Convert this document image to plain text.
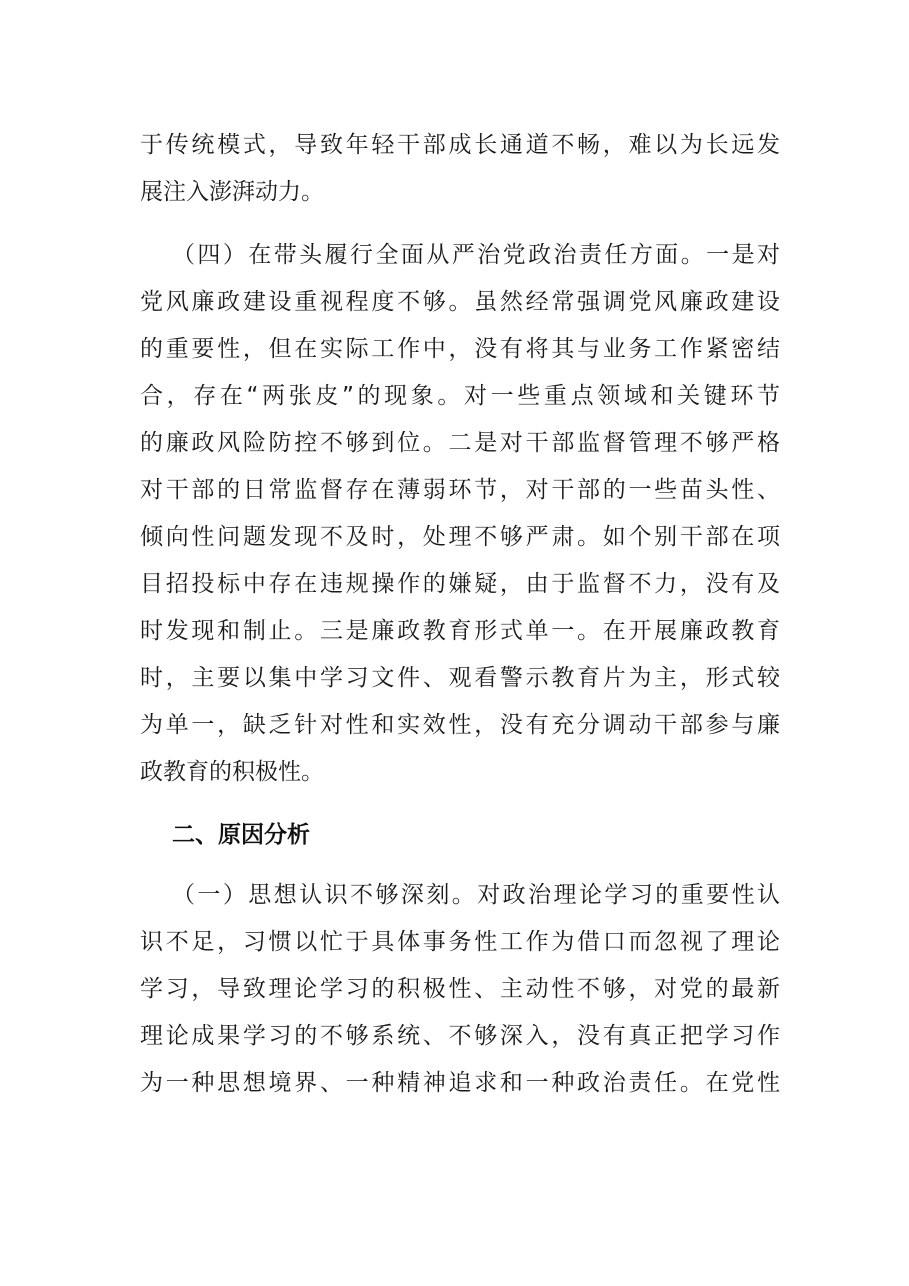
于传统模式，导致年轻干部成长通道不畅，难以为长远发
展注入澎湃动力。
（四）在带头履行全面从严治党政治责任方面。一是对
党风廉政建设重视程度不够。虽然经常强调党风廉政建设
的重要性，但在实际工作中，没有将其与业务工作紧密结
合，存在“两张皮”的现象。对一些重点领域和关键环节
的廉政风险防控不够到位。二是对干部监督管理不够严格
对干部的日常监督存在薄弱环节，对干部的一些苗头性、
倾向性问题发现不及时，处理不够严肃。如个别干部在项
目招投标中存在违规操作的嫌疑，由于监督不力，没有及
时发现和制止。三是廉政教育形式单一。在开展廉政教育
时，主要以集中学习文件、观看警示教育片为主，形式较
为单一，缺乏针对性和实效性，没有充分调动干部参与廉
政教育的积极性。
二、原因分析
（一）思想认识不够深刻。对政治理论学习的重要性认
识不足，习惯以忙于具体事务性工作为借口而忽视了理论
学习，导致理论学习的积极性、主动性不够，对党的最新
理论成果学习的不够系统、不够深入，没有真正把学习作
为一种思想境界、一种精神追求和一种政治责任。在党性
